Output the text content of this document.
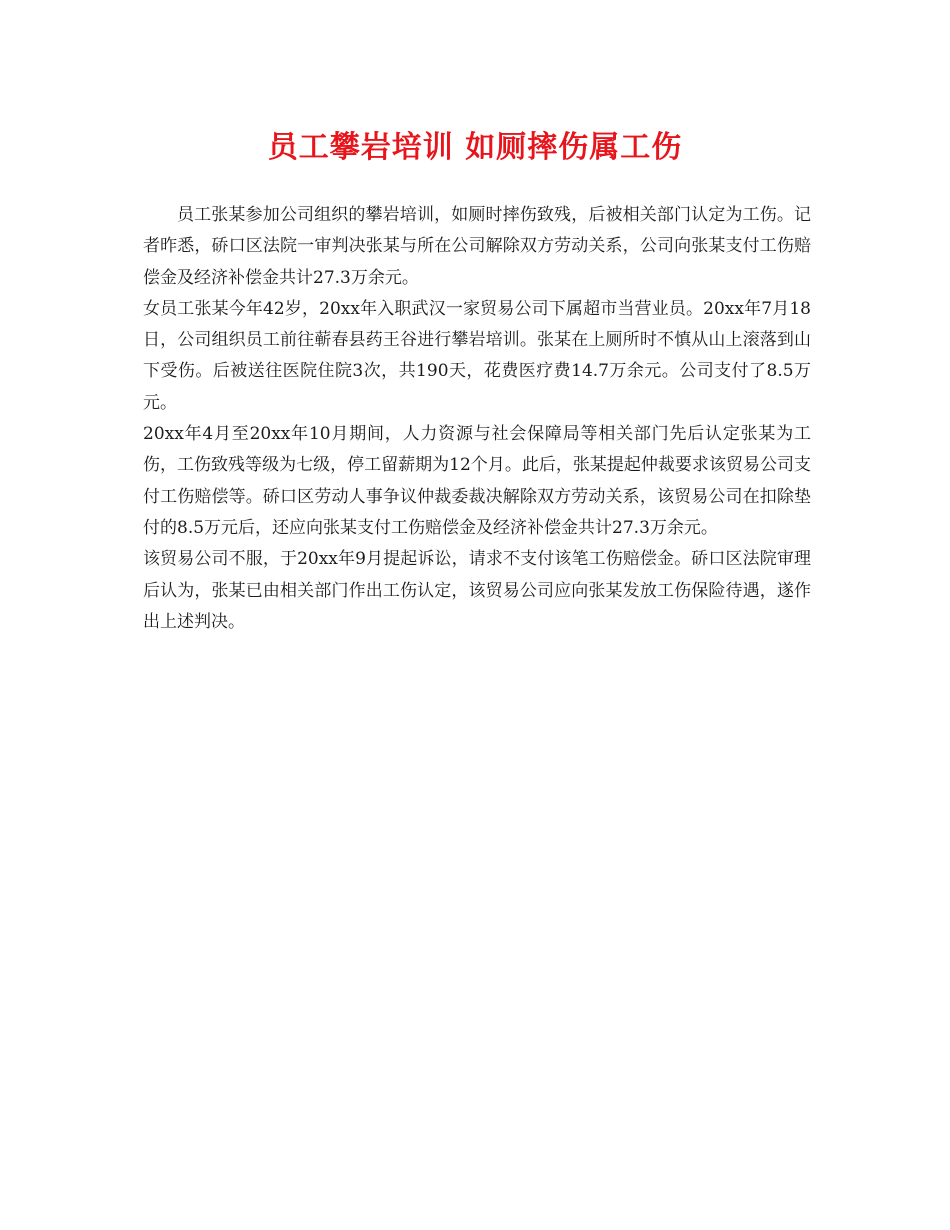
员工攀岩培训 如厕摔伤属工伤

员工张某参加公司组织的攀岩培训，如厕时摔伤致残，后被相关部门认定为工伤。记者昨悉，硚口区法院一审判决张某与所在公司解除双方劳动关系，公司向张某支付工伤赔偿金及经济补偿金共计27.3万余元。

女员工张某今年42岁，20xx年入职武汉一家贸易公司下属超市当营业员。20xx年7月18日，公司组织员工前往蕲春县药王谷进行攀岩培训。张某在上厕所时不慎从山上滚落到山下受伤。后被送往医院住院3次，共190天，花费医疗费14.7万余元。公司支付了8.5万元。

20xx年4月至20xx年10月期间，人力资源与社会保障局等相关部门先后认定张某为工伤，工伤致残等级为七级，停工留薪期为12个月。此后，张某提起仲裁要求该贸易公司支付工伤赔偿等。硚口区劳动人事争议仲裁委裁决解除双方劳动关系，该贸易公司在扣除垫付的8.5万元后，还应向张某支付工伤赔偿金及经济补偿金共计27.3万余元。

该贸易公司不服，于20xx年9月提起诉讼，请求不支付该笔工伤赔偿金。硚口区法院审理后认为，张某已由相关部门作出工伤认定，该贸易公司应向张某发放工伤保险待遇，遂作出上述判决。
